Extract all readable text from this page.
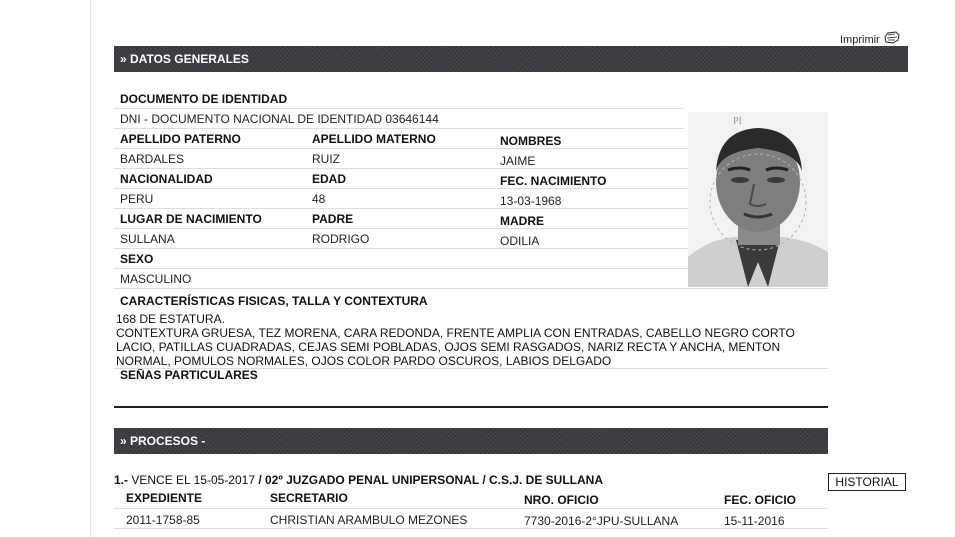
Imprimir
» DATOS GENERALES
DOCUMENTO DE IDENTIDAD
DNI - DOCUMENTO NACIONAL DE IDENTIDAD 03646144
APELLIDO PATERNO	APELLIDO MATERNO	NOMBRES
BARDALES	RUIZ	JAIME
NACIONALIDAD	EDAD	FEC. NACIMIENTO
PERU	48	13-03-1968
LUGAR DE NACIMIENTO	PADRE	MADRE
SULLANA	RODRIGO	ODILIA
SEXO
MASCULINO
CARACTERÍSTICAS FISICAS, TALLA Y CONTEXTURA
SEÑAS PARTICULARES
168 DE ESTATURA.
CONTEXTURA GRUESA, TEZ MORENA, CARA REDONDA, FRENTE AMPLIA CON ENTRADAS, CABELLO NEGRO CORTO
LACIO, PATILLAS CUADRADAS, CEJAS SEMI POBLADAS, OJOS SEMI RASGADOS, NARIZ RECTA Y ANCHA, MENTON
NORMAL, POMULOS NORMALES, OJOS COLOR PARDO OSCUROS, LABIOS DELGADO
PI
» PROCESOS -
1.- VENCE EL 15-05-2017 / 02º JUZGADO PENAL UNIPERSONAL / C.S.J. DE SULLANA	HISTORIAL
EXPEDIENTE	SECRETARIO	NRO. OFICIO	FEC. OFICIO
2011-1758-85	CHRISTIAN ARAMBULO MEZONES	7730-2016-2°JPU-SULLANA	15-11-2016
